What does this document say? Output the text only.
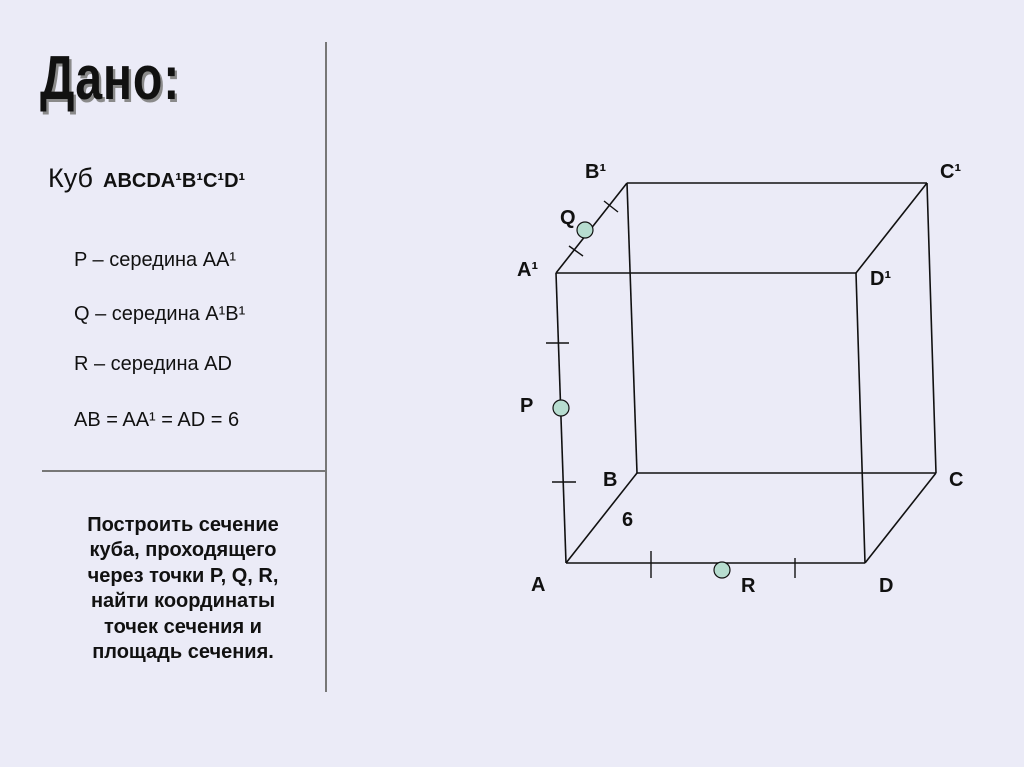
Дано:
Куб ABCDA¹B¹C¹D¹
P – середина AA¹
Q – середина A¹B¹
R – середина AD
AB = AA¹ = AD = 6
Построить сечение
куба, проходящего
через точки P, Q, R,
найти координаты
точек сечения и
площадь сечения.
B¹	C¹
A¹	D¹
B	C
A	D
Q
P
R
6
